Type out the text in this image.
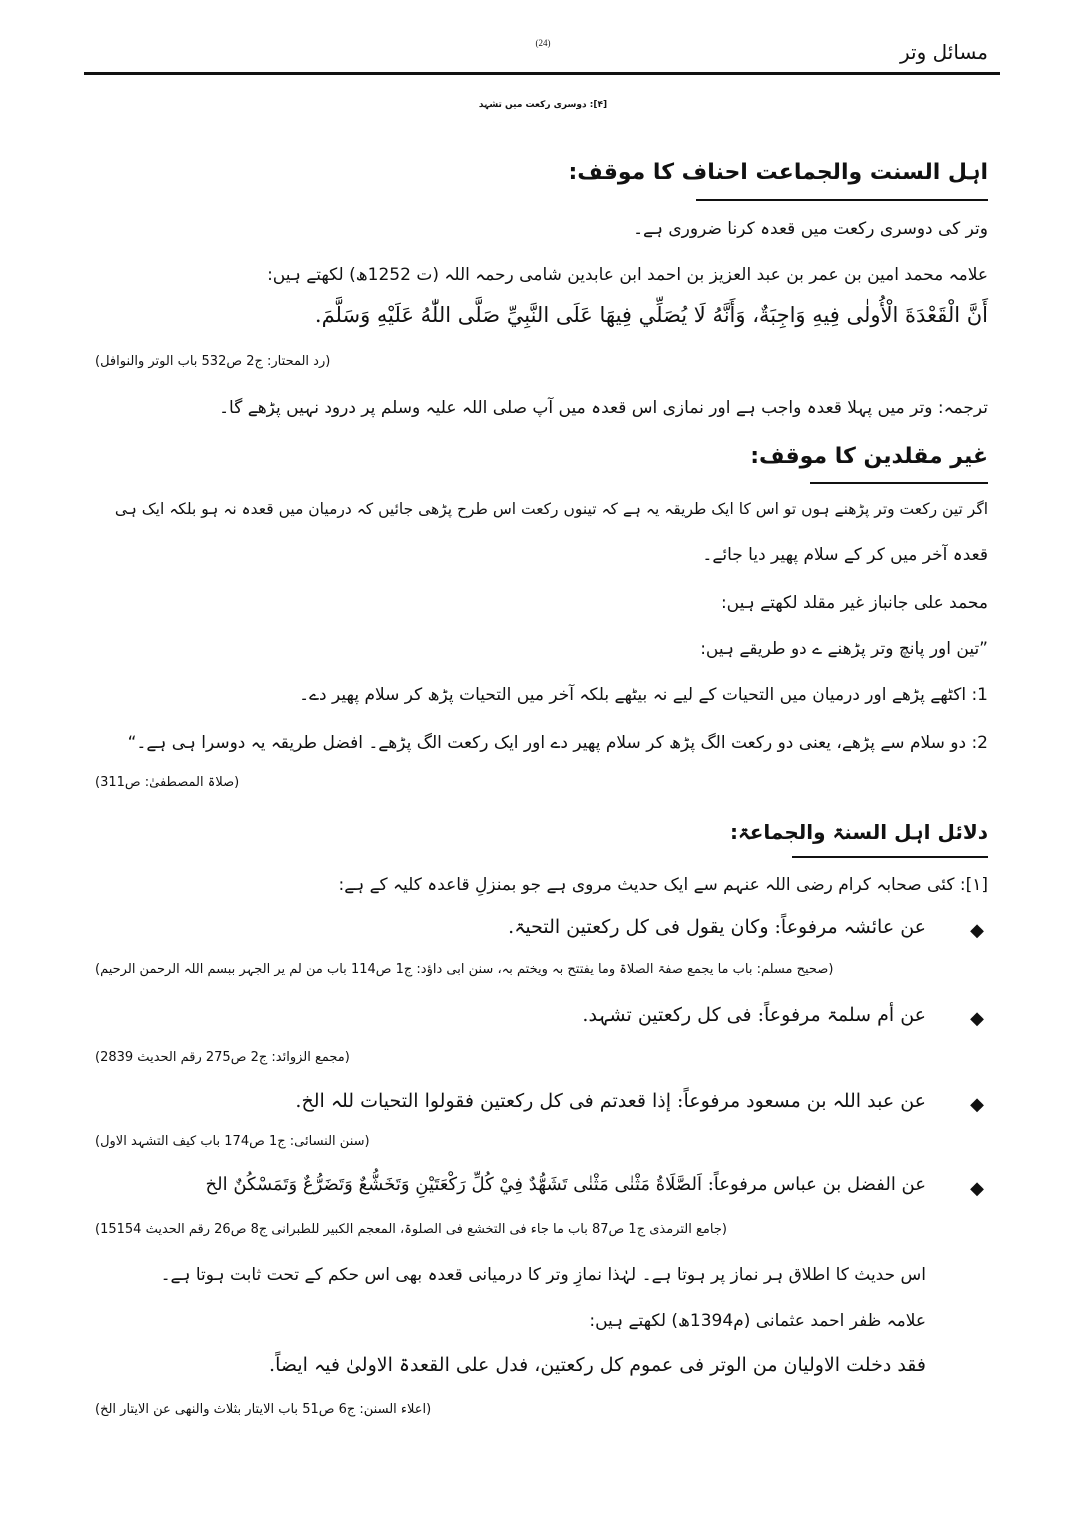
مسائل وتر
(24)
[۴]: دوسری رکعت میں تشہد
اہل السنت والجماعت احناف کا موقف:
وتر کی دوسری رکعت میں قعدہ کرنا ضروری ہے۔
علامہ محمد امین بن عمر بن عبد العزیز بن احمد ابن عابدین شامی رحمہ اللہ (ت 1252ھ) لکھتے ہیں:
أَنَّ الْقَعْدَةَ الْأُولٰى فِيهِ وَاجِبَةٌ، وَأَنَّهُ لَا يُصَلِّي فِيهَا عَلَى النَّبِيِّ صَلَّى اللّٰهُ عَلَيْهِ وَسَلَّمَ.
(رد المحتار: ج2 ص532 باب الوتر والنوافل)
ترجمہ: وتر میں پہلا قعدہ واجب ہے اور نمازی اس قعدہ میں آپ صلی اللہ علیہ وسلم پر درود نہیں پڑھے گا۔
غیر مقلدین کا موقف:
اگر تین رکعت وتر پڑھنے ہوں تو اس کا ایک طریقہ یہ ہے کہ تینوں رکعت اس طرح پڑھی جائیں کہ درمیان میں قعدہ نہ ہو بلکہ ایک ہی
قعدہ آخر میں کر کے سلام پھیر دیا جائے۔
محمد علی جانباز غیر مقلد لکھتے ہیں:
”تین اور پانچ وتر پڑھنے ے دو طریقے ہیں:
1: اکٹھے پڑھے اور درمیان میں التحیات کے لیے نہ بیٹھے بلکہ آخر میں التحیات پڑھ کر سلام پھیر دے۔
2: دو سلام سے پڑھے، یعنی دو رکعت الگ پڑھ کر سلام پھیر دے اور ایک رکعت الگ پڑھے۔ افضل طریقہ یہ دوسرا ہی ہے۔“
(صلاۃ المصطفیٰ: ص311)
دلائل اہل السنۃ والجماعۃ:
[۱]: کئی صحابہ کرام رضی اللہ عنہم سے ایک حدیث مروی ہے جو بمنزلِ قاعدہ کلیہ کے ہے:
◆
عن عائشہ مرفوعاً: وکان یقول فی کل رکعتین التحیۃ.
(صحیح مسلم: باب ما یجمع صفۃ الصلاۃ وما یفتتح بہ ویختم بہ، سنن ابی داؤد: ج1 ص114 باب من لم یر الجہر ببسم اللہ الرحمن الرحیم)
◆
عن أم سلمۃ مرفوعاً: فی کل رکعتین تشہد.
(مجمع الزوائد: ج2 ص275 رقم الحدیث 2839)
◆
عن عبد اللہ بن مسعود مرفوعاً: إذا قعدتم فی کل رکعتین فقولوا التحیات للہ الخ.
(سنن النسائی: ج1 ص174 باب کیف التشہد الاول)
◆
عن الفضل بن عباس مرفوعاً: اَلصَّلَاةُ مَثْنٰى مَثْنٰى تَشَهُّدٌ فِيْ كُلِّ رَكْعَتَيْنِ وَتَخَشُّعٌ وَتَضَرُّعٌ وَتَمَسْكُنٌ الخ
(جامع الترمذی ج1 ص87 باب ما جاء فی التخشع فی الصلوۃ، المعجم الکبیر للطبرانی ج8 ص26 رقم الحدیث 15154)
اس حدیث کا اطلاق ہر نماز پر ہوتا ہے۔ لہٰذا نمازِ وتر کا درمیانی قعدہ بھی اس حکم کے تحت ثابت ہوتا ہے۔
علامہ ظفر احمد عثمانی (م1394ھ) لکھتے ہیں:
فقد دخلت الاولیان من الوتر فی عموم کل رکعتین، فدل علی القعدۃ الاولیٰ فیہ ایضاً.
(اعلاء السنن: ج6 ص51 باب الایتار بثلاث والنھی عن الایتار الخ)
